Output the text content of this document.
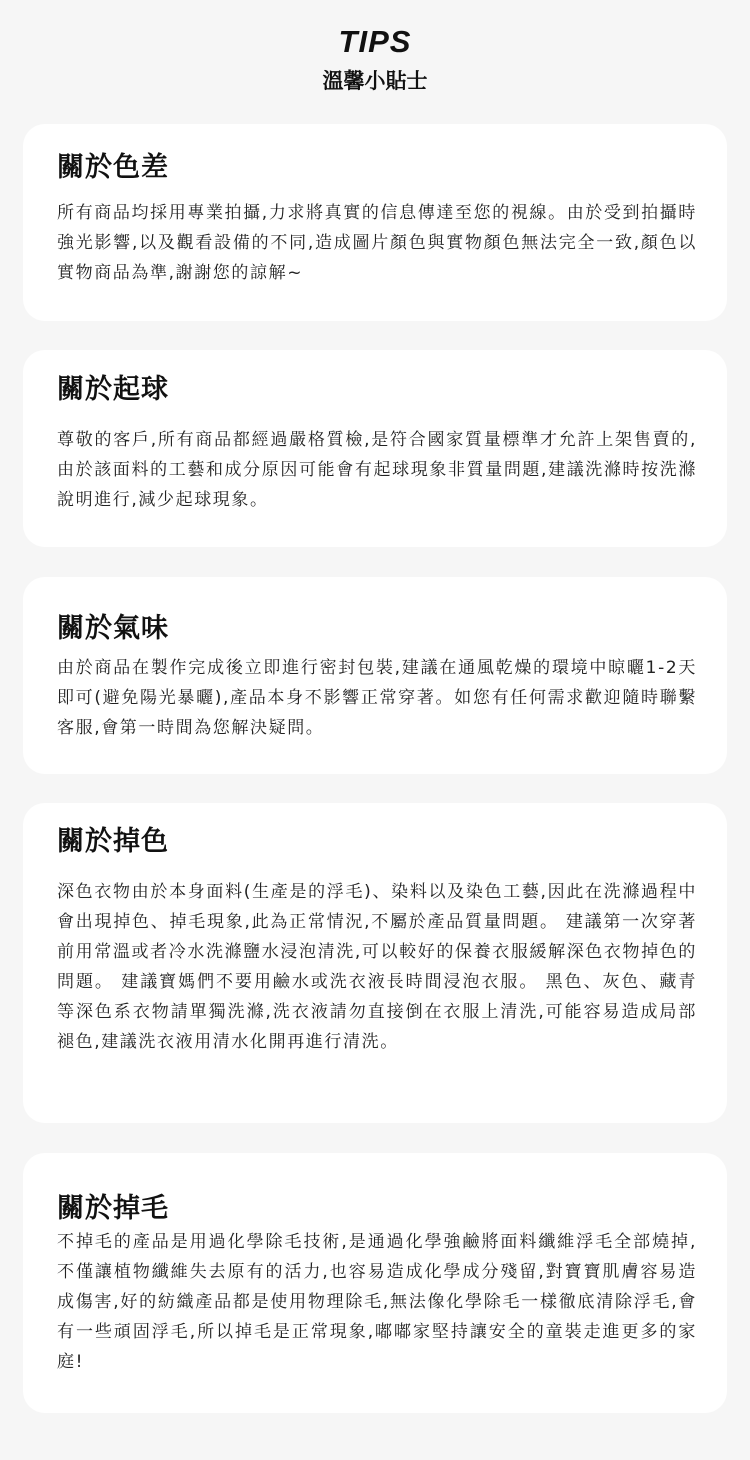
TIPS
溫馨小貼士
關於色差
所有商品均採用專業拍攝,力求將真實的信息傳達至您的視線。由於受到拍攝時強光影響,以及觀看設備的不同,造成圖片顏色與實物顏色無法完全一致,顏色以實物商品為準,謝謝您的諒解~
關於起球
尊敬的客戶,所有商品都經過嚴格質檢,是符合國家質量標準才允許上架售賣的,由於該面料的工藝和成分原因可能會有起球現象非質量問題,建議洗滌時按洗滌說明進行,減少起球現象。
關於氣味
由於商品在製作完成後立即進行密封包裝,建議在通風乾燥的環境中晾曬1-2天即可(避免陽光暴曬),產品本身不影響正常穿著。如您有任何需求歡迎隨時聯繫客服,會第一時間為您解決疑問。
關於掉色
深色衣物由於本身面料(生產是的浮毛)、染料以及染色工藝,因此在洗滌過程中會出現掉色、掉毛現象,此為正常情況,不屬於產品質量問題。 建議第一次穿著前用常溫或者冷水洗滌鹽水浸泡清洗,可以較好的保養衣服緩解深色衣物掉色的問題。 建議寶媽們不要用鹼水或洗衣液長時間浸泡衣服。 黑色、灰色、藏青等深色系衣物請單獨洗滌,洗衣液請勿直接倒在衣服上清洗,可能容易造成局部褪色,建議洗衣液用清水化開再進行清洗。
關於掉毛
不掉毛的產品是用過化學除毛技術,是通過化學強鹼將面料纖維浮毛全部燒掉,不僅讓植物纖維失去原有的活力,也容易造成化學成分殘留,對寶寶肌膚容易造成傷害,好的紡織產品都是使用物理除毛,無法像化學除毛一樣徹底清除浮毛,會有一些頑固浮毛,所以掉毛是正常現象,嘟嘟家堅持讓安全的童裝走進更多的家庭!
